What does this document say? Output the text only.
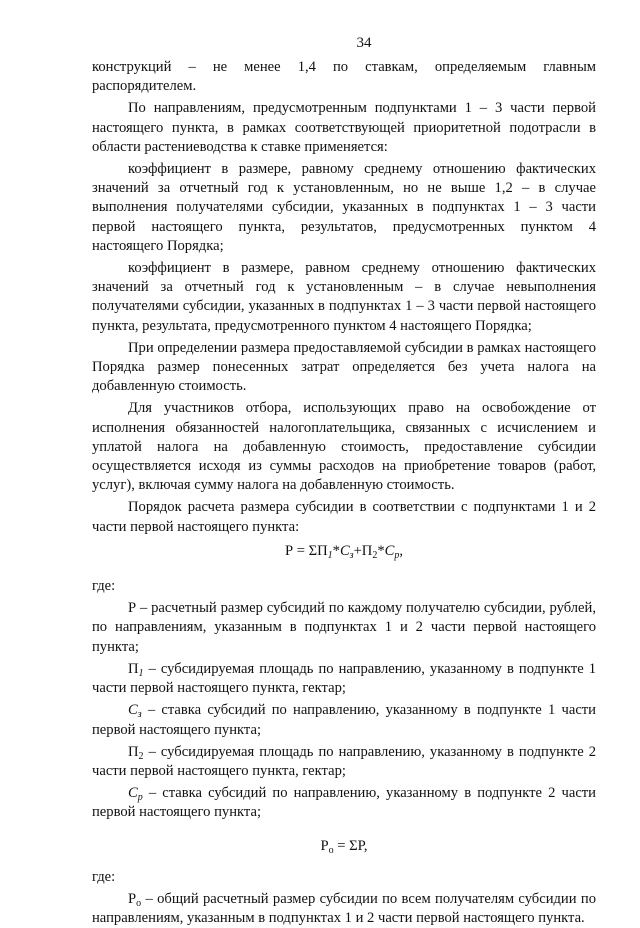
34

конструкций – не менее 1,4 по ставкам, определяемым главным распорядителем.

По направлениям, предусмотренным подпунктами 1 – 3 части первой настоящего пункта, в рамках соответствующей приоритетной подотрасли в области растениеводства к ставке применяется:

коэффициент в размере, равному среднему отношению фактических значений за отчетный год к установленным, но не выше 1,2 – в случае выполнения получателями субсидии, указанных в подпунктах 1 – 3 части первой настоящего пункта, результатов, предусмотренных пунктом 4 настоящего Порядка;

коэффициент в размере, равном среднему отношению фактических значений за отчетный год к установленным – в случае невыполнения получателями субсидии, указанных в подпунктах 1 – 3 части первой настоящего пункта, результата, предусмотренного пунктом 4 настоящего Порядка;

При определении размера предоставляемой субсидии в рамках настоящего Порядка размер понесенных затрат определяется без учета налога на добавленную стоимость.

Для участников отбора, использующих право на освобождение от исполнения обязанностей налогоплательщика, связанных с исчислением и уплатой налога на добавленную стоимость, предоставление субсидии осуществляется исходя из суммы расходов на приобретение товаров (работ, услуг), включая сумму налога на добавленную стоимость.

Порядок расчета размера субсидии в соответствии с подпунктами 1 и 2 части первой настоящего пункта:

$Р = \Sigma П_1*С_з+П_2*С_р$,
где:

Р – расчетный размер субсидий по каждому получателю субсидии, рублей, по направлениям, указанным в подпунктах 1 и 2 части первой настоящего пункта;

$П_1$ – субсидируемая площадь по направлению, указанному в подпункте 1 части первой настоящего пункта, гектар;

$С_з$ – ставка субсидий по направлению, указанному в подпункте 1 части первой настоящего пункта;

$П_2$ – субсидируемая площадь по направлению, указанному в подпункте 2 части первой настоящего пункта, гектар;

$С_р$ – ставка субсидий по направлению, указанному в подпункте 2 части первой настоящего пункта;

$Р_о = \Sigma Р$,
где:

$Р_о$ – общий расчетный размер субсидии по всем получателям субсидии по направлениям, указанным в подпунктах 1 и 2 части первой настоящего пункта.
